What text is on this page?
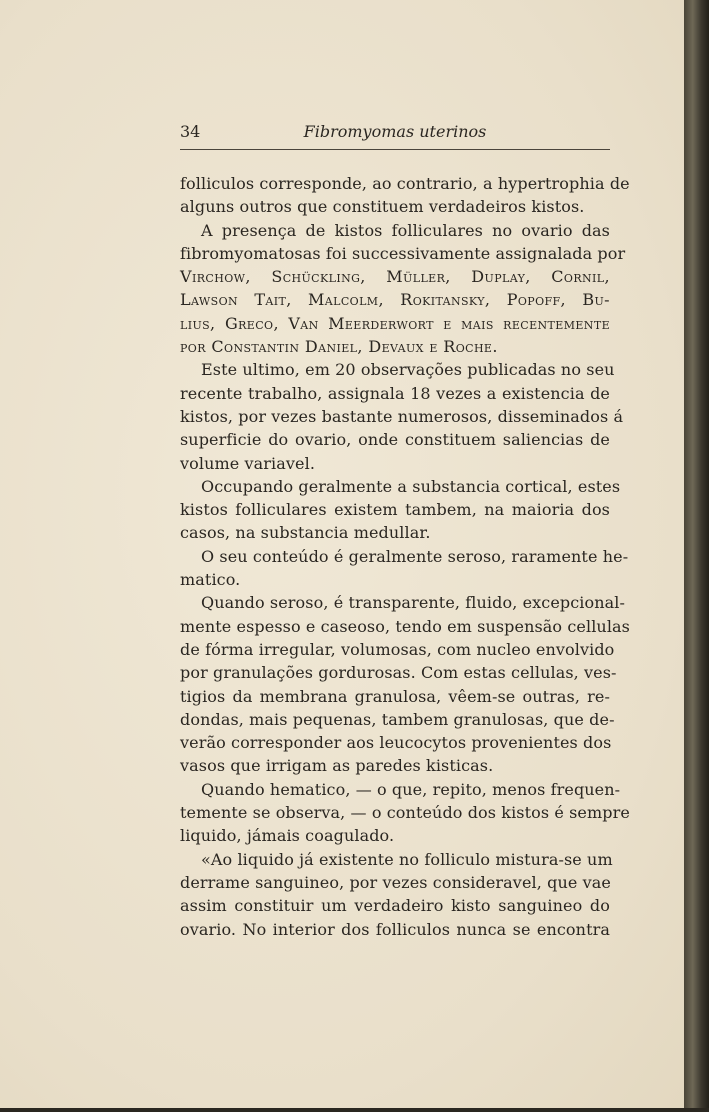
34	Fibromyomas uterinos
folliculos corresponde, ao contrario, a hypertrophia de
alguns outros que constituem verdadeiros kistos.
A presença de kistos folliculares no ovario das
fibromyomatosas foi successivamente assignalada por
Virchow, Schückling, Müller, Duplay, Cornil,
Lawson Tait, Malcolm, Rokitansky, Popoff, Bu-
lius, Greco, Van Meerderwort e mais recentemente
por Constantin Daniel, Devaux e Roche.
Este ultimo, em 20 observações publicadas no seu
recente trabalho, assignala 18 vezes a existencia de
kistos, por vezes bastante numerosos, disseminados á
superficie do ovario, onde constituem saliencias de
volume variavel.
Occupando geralmente a substancia cortical, estes
kistos folliculares existem tambem, na maioria dos
casos, na substancia medullar.
O seu conteúdo é geralmente seroso, raramente he-
matico.
Quando seroso, é transparente, fluido, excepcional-
mente espesso e caseoso, tendo em suspensão cellulas
de fórma irregular, volumosas, com nucleo envolvido
por granulações gordurosas. Com estas cellulas, ves-
tigios da membrana granulosa, vêem-se outras, re-
dondas, mais pequenas, tambem granulosas, que de-
verão corresponder aos leucocytos provenientes dos
vasos que irrigam as paredes kisticas.
Quando hematico, — o que, repito, menos frequen-
temente se observa, — o conteúdo dos kistos é sempre
liquido, jámais coagulado.
«Ao liquido já existente no folliculo mistura-se um
derrame sanguineo, por vezes consideravel, que vae
assim constituir um verdadeiro kisto sanguineo do
ovario. No interior dos folliculos nunca se encontra
